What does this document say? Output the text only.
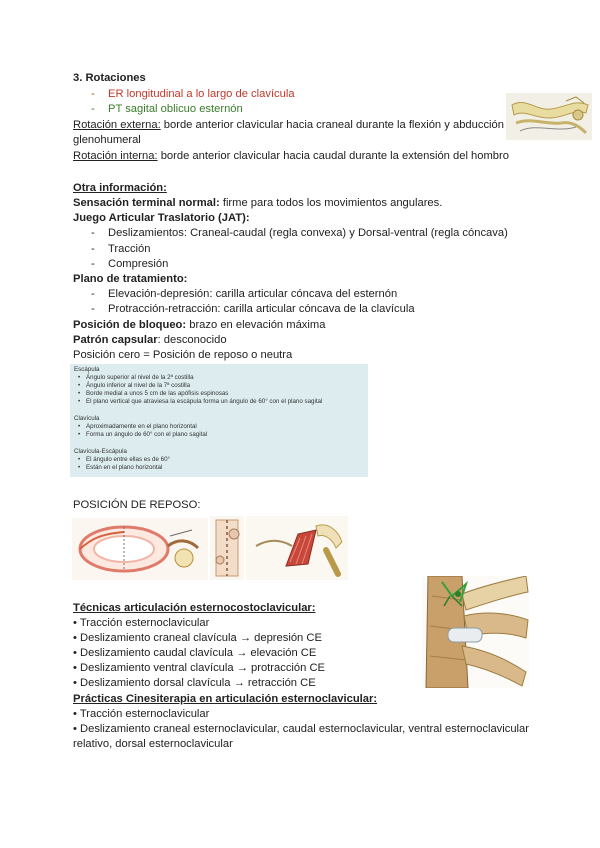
3. Rotaciones
- ER longitudinal a lo largo de clavícula
- PT sagital oblicuo esternón
Rotación externa: borde anterior clavicular hacia craneal durante la flexión y abducción
glenohumeral
Rotación interna: borde anterior clavicular hacia caudal durante la extensión del hombro
Otra información:
Sensación terminal normal: firme para todos los movimientos angulares.
Juego Articular Traslatorio (JAT):
- Deslizamientos: Craneal-caudal (regla convexa) y Dorsal-ventral (regla cóncava)
- Tracción
- Compresión
Plano de tratamiento:
- Elevación-depresión: carilla articular cóncava del esternón
- Protracción-retracción: carilla articular cóncava de la clavícula
Posición de bloqueo: brazo en elevación máxima
Patrón capsular: desconocido
Posición cero = Posición de reposo o neutra
Escápula
• Ángulo superior al nivel de la 2ª costilla
• Ángulo inferior al nivel de la 7ª costilla
• Borde medial a unos 5 cm de las apófisis espinosas
• El plano vertical que atraviesa la escápula forma un ángulo de 60° con el plano sagital
Clavícula
• Aproximadamente en el plano horizontal
• Forma un ángulo de 60° con el plano sagital
Clavícula-Escápula
• El ángulo entre ellas es de 60°
• Están en el plano horizontal
POSICIÓN DE REPOSO:
Técnicas articulación esternocostoclavicular:
• Tracción esternoclavicular
• Deslizamiento craneal clavícula → depresión CE
• Deslizamiento caudal clavícula → elevación CE
• Deslizamiento ventral clavícula → protracción CE
• Deslizamiento dorsal clavícula → retracción CE
Prácticas Cinesiterapia en articulación esternoclavicular:
• Tracción esternoclavicular
• Deslizamiento craneal esternoclavicular, caudal esternoclavicular, ventral esternoclavicular
relativo, dorsal esternoclavicular
